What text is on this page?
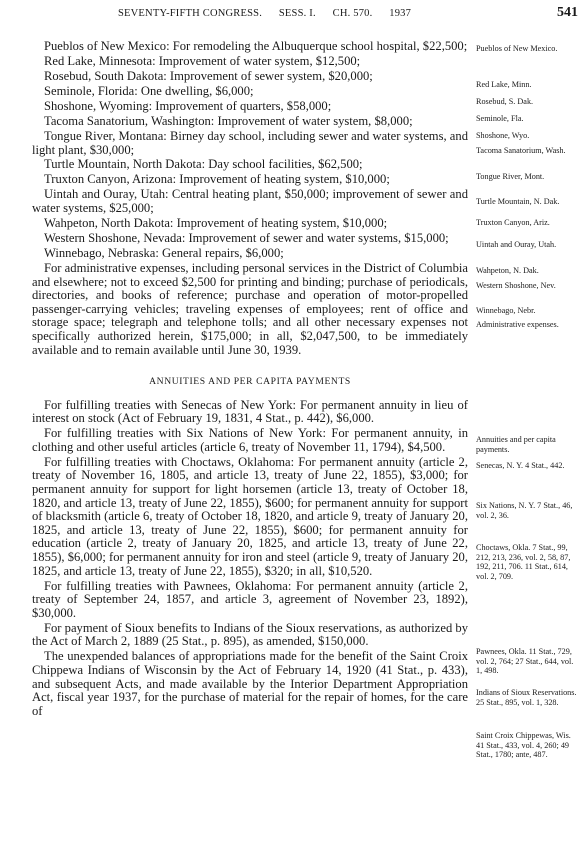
SEVENTY-FIFTH CONGRESS. SESS. I. CH. 570. 1937	541

Pueblos of New Mexico: For remodeling the Albuquerque school hospital, $22,500;

Red Lake, Minnesota: Improvement of water system, $12,500;

Rosebud, South Dakota: Improvement of sewer system, $20,000;

Seminole, Florida: One dwelling, $6,000;

Shoshone, Wyoming: Improvement of quarters, $58,000;

Tacoma Sanatorium, Washington: Improvement of water system, $8,000;

Tongue River, Montana: Birney day school, including sewer and water systems, and light plant, $30,000;

Turtle Mountain, North Dakota: Day school facilities, $62,500;

Truxton Canyon, Arizona: Improvement of heating system, $10,000;

Uintah and Ouray, Utah: Central heating plant, $50,000; improvement of sewer and water systems, $25,000;

Wahpeton, North Dakota: Improvement of heating system, $10,000;

Western Shoshone, Nevada: Improvement of sewer and water systems, $15,000;

Winnebago, Nebraska: General repairs, $6,000;

For administrative expenses, including personal services in the District of Columbia and elsewhere; not to exceed $2,500 for printing and binding; purchase of periodicals, directories, and books of reference; purchase and operation of motor-propelled passenger-carrying vehicles; traveling expenses of employees; rent of office and storage space; telegraph and telephone tolls; and all other necessary expenses not specifically authorized herein, $175,000; in all, $2,047,500, to be immediately available and to remain available until June 30, 1939.

ANNUITIES AND PER CAPITA PAYMENTS

For fulfilling treaties with Senecas of New York: For permanent annuity in lieu of interest on stock (Act of February 19, 1831, 4 Stat., p. 442), $6,000.

For fulfilling treaties with Six Nations of New York: For permanent annuity, in clothing and other useful articles (article 6, treaty of November 11, 1794), $4,500.

For fulfilling treaties with Choctaws, Oklahoma: For permanent annuity (article 2, treaty of November 16, 1805, and article 13, treaty of June 22, 1855), $3,000; for permanent annuity for support for light horsemen (article 13, treaty of October 18, 1820, and article 13, treaty of June 22, 1855), $600; for permanent annuity for support of blacksmith (article 6, treaty of October 18, 1820, and article 9, treaty of January 20, 1825, and article 13, treaty of June 22, 1855), $600; for permanent annuity for education (article 2, treaty of January 20, 1825, and article 13, treaty of June 22, 1855), $6,000; for permanent annuity for iron and steel (article 9, treaty of January 20, 1825, and article 13, treaty of June 22, 1855), $320; in all, $10,520.

For fulfilling treaties with Pawnees, Oklahoma: For permanent annuity (article 2, treaty of September 24, 1857, and article 3, agreement of November 23, 1892), $30,000.

For payment of Sioux benefits to Indians of the Sioux reservations, as authorized by the Act of March 2, 1889 (25 Stat., p. 895), as amended, $150,000.

The unexpended balances of appropriations made for the benefit of the Saint Croix Chippewa Indians of Wisconsin by the Act of February 14, 1920 (41 Stat., p. 433), and subsequent Acts, and made available by the Interior Department Appropriation Act, fiscal year 1937, for the purchase of material for the repair of homes, for the care of

Pueblos of New Mexico.
Red Lake, Minn.
Rosebud, S. Dak.
Seminole, Fla.
Shoshone, Wyo.
Tacoma Sanatorium, Wash.
Tongue River, Mont.
Turtle Mountain, N. Dak.
Truxton Canyon, Ariz.
Uintah and Ouray, Utah.
Wahpeton, N. Dak.
Western Shoshone, Nev.
Winnebago, Nebr.
Administrative expenses.
Annuities and per capita payments.
Senecas, N. Y. 4 Stat., 442.
Six Nations, N. Y. 7 Stat., 46, vol. 2, 36.
Choctaws, Okla. 7 Stat., 99, 212, 213, 236, vol. 2, 58, 87, 192, 211, 706. 11 Stat., 614, vol. 2, 709.
Pawnees, Okla. 11 Stat., 729, vol. 2, 764; 27 Stat., 644, vol. 1, 498.
Indians of Sioux Reservations. 25 Stat., 895, vol. 1, 328.
Saint Croix Chippewas, Wis. 41 Stat., 433, vol. 4, 260; 49 Stat., 1780; ante, 487.
